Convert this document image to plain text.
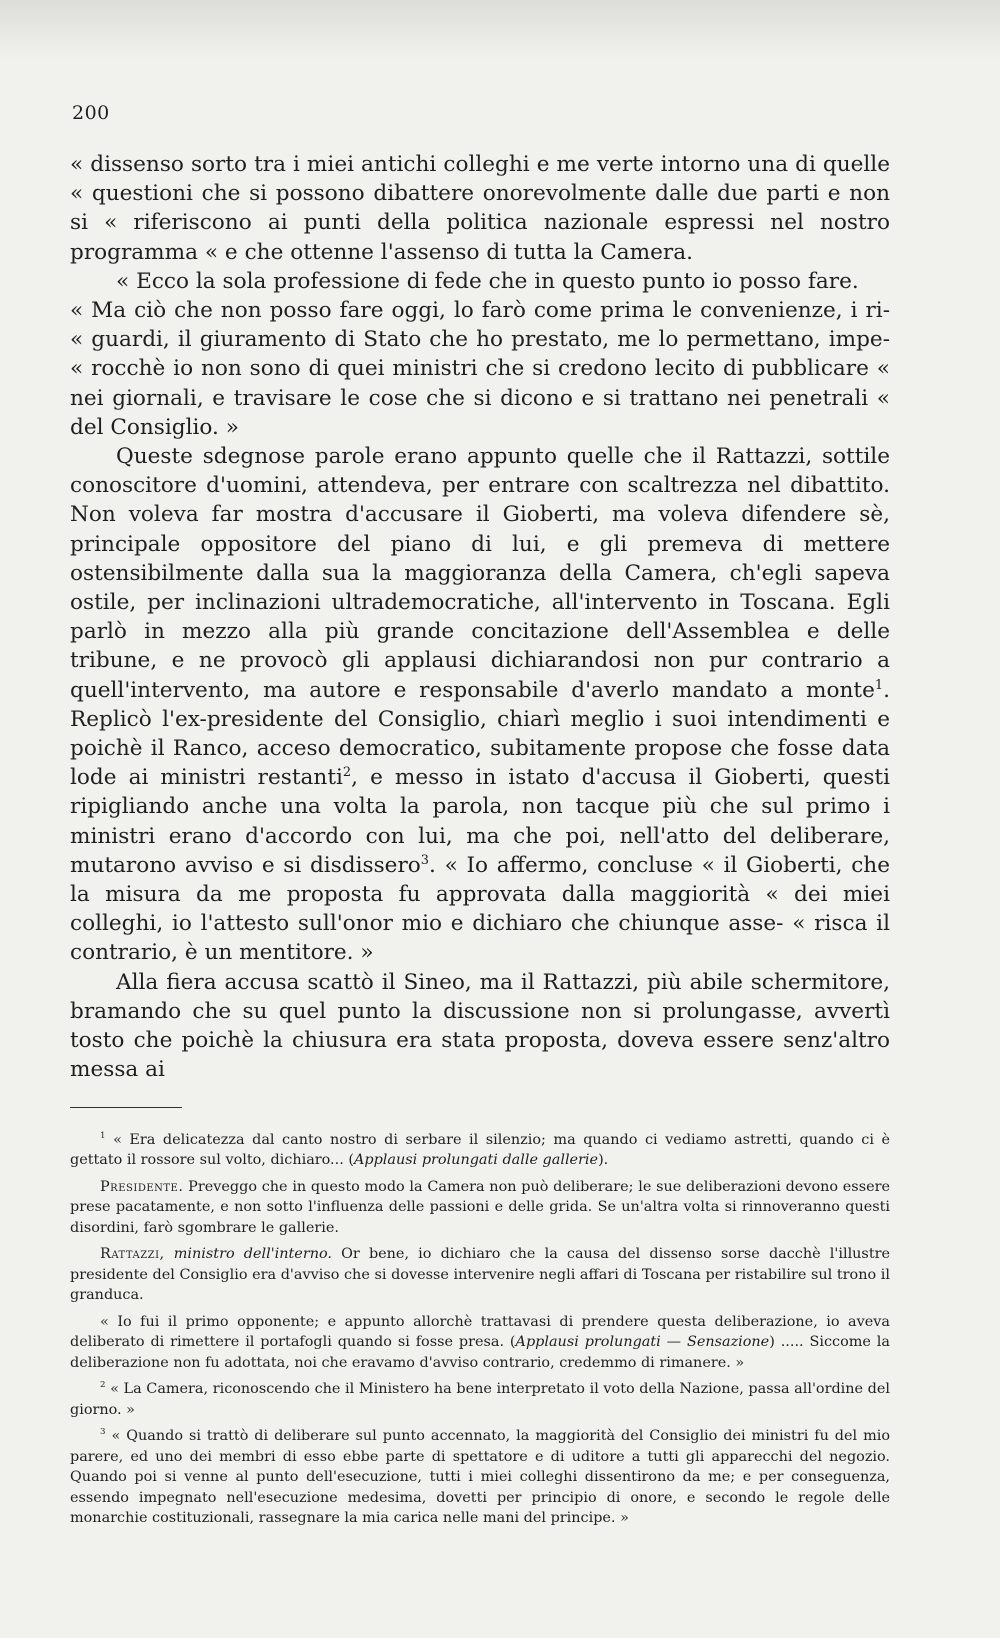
200

« dissenso sorto tra i miei antichi colleghi e me verte intorno una di quelle « questioni che si possono dibattere onorevolmente dalle due parti e non si « riferiscono ai punti della politica nazionale espressi nel nostro programma « e che ottenne l'assenso di tutta la Camera.

« Ecco la sola professione di fede che in questo punto io posso fare.

« Ma ciò che non posso fare oggi, lo farò come prima le convenienze, i ri- « guardi, il giuramento di Stato che ho prestato, me lo permettano, impe- « rocchè io non sono di quei ministri che si credono lecito di pubblicare « nei giornali, e travisare le cose che si dicono e si trattano nei penetrali « del Consiglio. »

Queste sdegnose parole erano appunto quelle che il Rattazzi, sottile conoscitore d'uomini, attendeva, per entrare con scaltrezza nel dibattito. Non voleva far mostra d'accusare il Gioberti, ma voleva difendere sè, principale oppositore del piano di lui, e gli premeva di mettere ostensibilmente dalla sua la maggioranza della Camera, ch'egli sapeva ostile, per inclinazioni ultrademocratiche, all'intervento in Toscana. Egli parlò in mezzo alla più grande concitazione dell'Assemblea e delle tribune, e ne provocò gli applausi dichiarandosi non pur contrario a quell'intervento, ma autore e responsabile d'averlo mandato a monte$^1$. Replicò l'ex-presidente del Consiglio, chiarì meglio i suoi intendimenti e poichè il Ranco, acceso democratico, subitamente propose che fosse data lode ai ministri restanti$^2$, e messo in istato d'accusa il Gioberti, questi ripigliando anche una volta la parola, non tacque più che sul primo i ministri erano d'accordo con lui, ma che poi, nell'atto del deliberare, mutarono avviso e si disdissero$^3$. « Io affermo, concluse « il Gioberti, che la misura da me proposta fu approvata dalla maggiorità « dei miei colleghi, io l'attesto sull'onor mio e dichiaro che chiunque asse- « risca il contrario, è un mentitore. »

Alla fiera accusa scattò il Sineo, ma il Rattazzi, più abile schermitore, bramando che su quel punto la discussione non si prolungasse, avvertì tosto che poichè la chiusura era stata proposta, doveva essere senz'altro messa ai

$^1$ « Era delicatezza dal canto nostro di serbare il silenzio; ma quando ci vediamo astretti, quando ci è gettato il rossore sul volto, dichiaro... (Applausi prolungati dalle gallerie).

Presidente. Preveggo che in questo modo la Camera non può deliberare; le sue deliberazioni devono essere prese pacatamente, e non sotto l'influenza delle passioni e delle grida. Se un'altra volta si rinnoveranno questi disordini, farò sgombrare le gallerie.

Rattazzi, ministro dell'interno. Or bene, io dichiaro che la causa del dissenso sorse dacchè l'illustre presidente del Consiglio era d'avviso che si dovesse intervenire negli affari di Toscana per ristabilire sul trono il granduca.

« Io fui il primo opponente; e appunto allorchè trattavasi di prendere questa deliberazione, io aveva deliberato di rimettere il portafogli quando si fosse presa. (Applausi prolungati — Sensazione) ..... Siccome la deliberazione non fu adottata, noi che eravamo d'avviso contrario, credemmo di rimanere. »

$^2$ « La Camera, riconoscendo che il Ministero ha bene interpretato il voto della Nazione, passa all'ordine del giorno. »

$^3$ « Quando si trattò di deliberare sul punto accennato, la maggiorità del Consiglio dei ministri fu del mio parere, ed uno dei membri di esso ebbe parte di spettatore e di uditore a tutti gli apparecchi del negozio. Quando poi si venne al punto dell'esecuzione, tutti i miei colleghi dissentirono da me; e per conseguenza, essendo impegnato nell'esecuzione medesima, dovetti per principio di onore, e secondo le regole delle monarchie costituzionali, rassegnare la mia carica nelle mani del principe. »
